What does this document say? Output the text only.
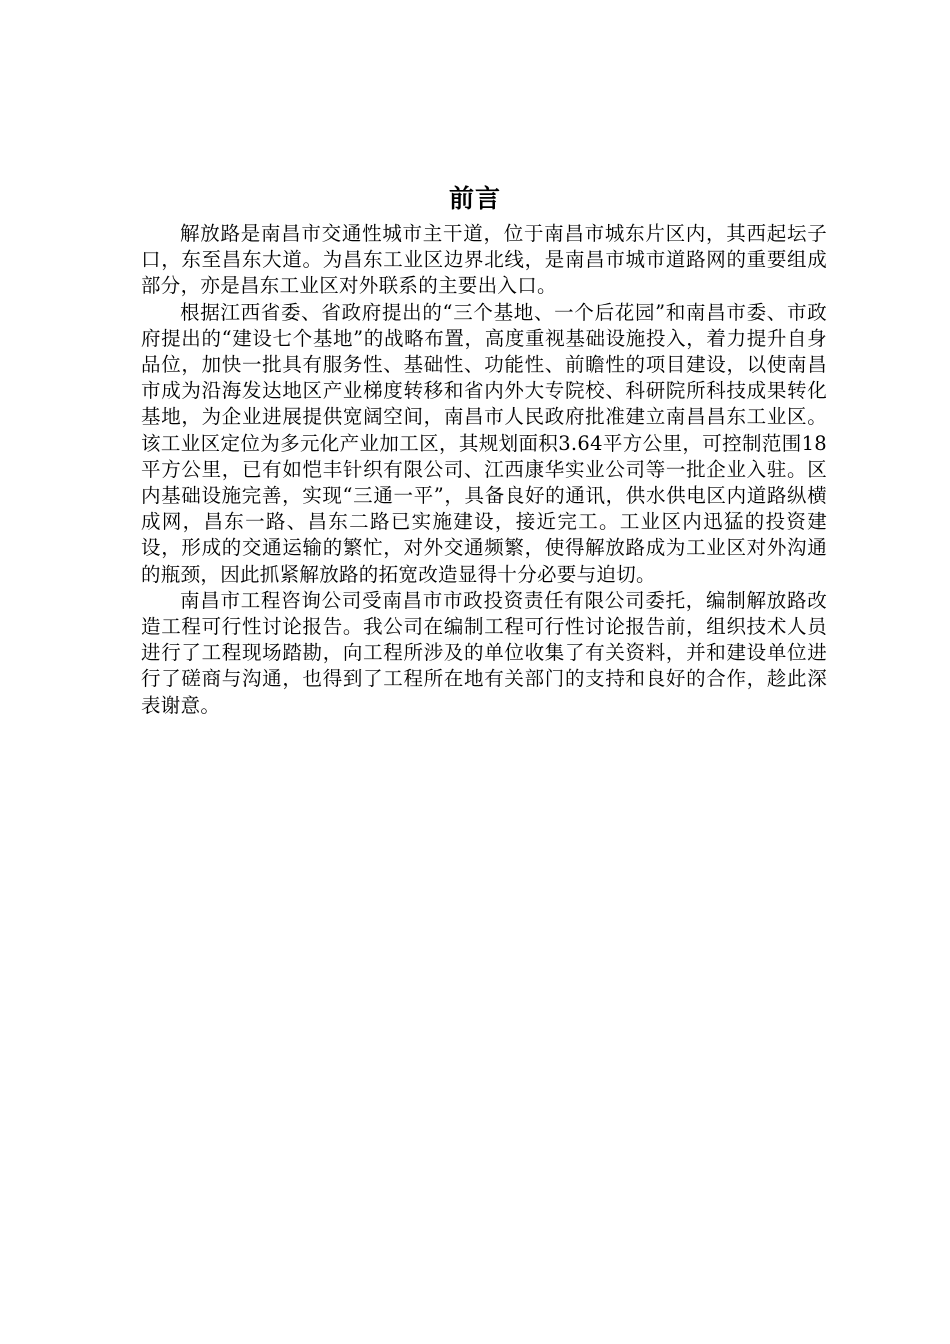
前言

解放路是南昌市交通性城市主干道，位于南昌市城东片区内，其西起坛子口，东至昌东大道。为昌东工业区边界北线，是南昌市城市道路网的重要组成部分，亦是昌东工业区对外联系的主要出入口。

根据江西省委、省政府提出的“三个基地、一个后花园”和南昌市委、市政府提出的“建设七个基地”的战略布置，高度重视基础设施投入，着力提升自身品位，加快一批具有服务性、基础性、功能性、前瞻性的项目建设，以使南昌市成为沿海发达地区产业梯度转移和省内外大专院校、科研院所科技成果转化基地，为企业进展提供宽阔空间，南昌市人民政府批准建立南昌昌东工业区。该工业区定位为多元化产业加工区，其规划面积3.64平方公里，可控制范围18平方公里，已有如恺丰针织有限公司、江西康华实业公司等一批企业入驻。区内基础设施完善，实现“三通一平”，具备良好的通讯，供水供电区内道路纵横成网，昌东一路、昌东二路已实施建设，接近完工。工业区内迅猛的投资建设，形成的交通运输的繁忙，对外交通频繁，使得解放路成为工业区对外沟通的瓶颈，因此抓紧解放路的拓宽改造显得十分必要与迫切。

南昌市工程咨询公司受南昌市市政投资责任有限公司委托，编制解放路改造工程可行性讨论报告。我公司在编制工程可行性讨论报告前，组织技术人员进行了工程现场踏勘，向工程所涉及的单位收集了有关资料，并和建设单位进行了磋商与沟通，也得到了工程所在地有关部门的支持和良好的合作，趁此深表谢意。
